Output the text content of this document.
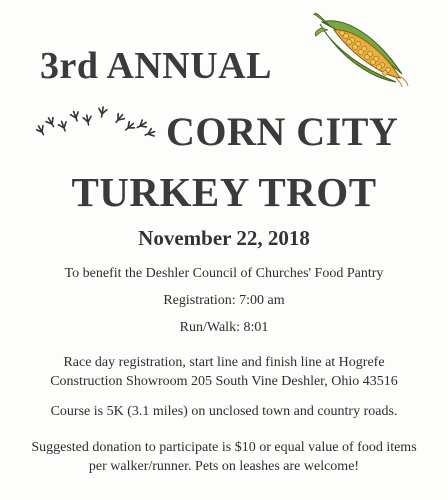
3rd ANNUAL
CORN CITY
TURKEY TROT
November 22, 2018
To benefit the Deshler Council of Churches' Food Pantry
Registration: 7:00 am
Run/Walk: 8:01
Race day registration, start line and finish line at Hogrefe
Construction Showroom 205 South Vine Deshler, Ohio 43516
Course is 5K (3.1 miles) on unclosed town and country roads.
Suggested donation to participate is $10 or equal value of food items
per walker/runner. Pets on leashes are welcome!
